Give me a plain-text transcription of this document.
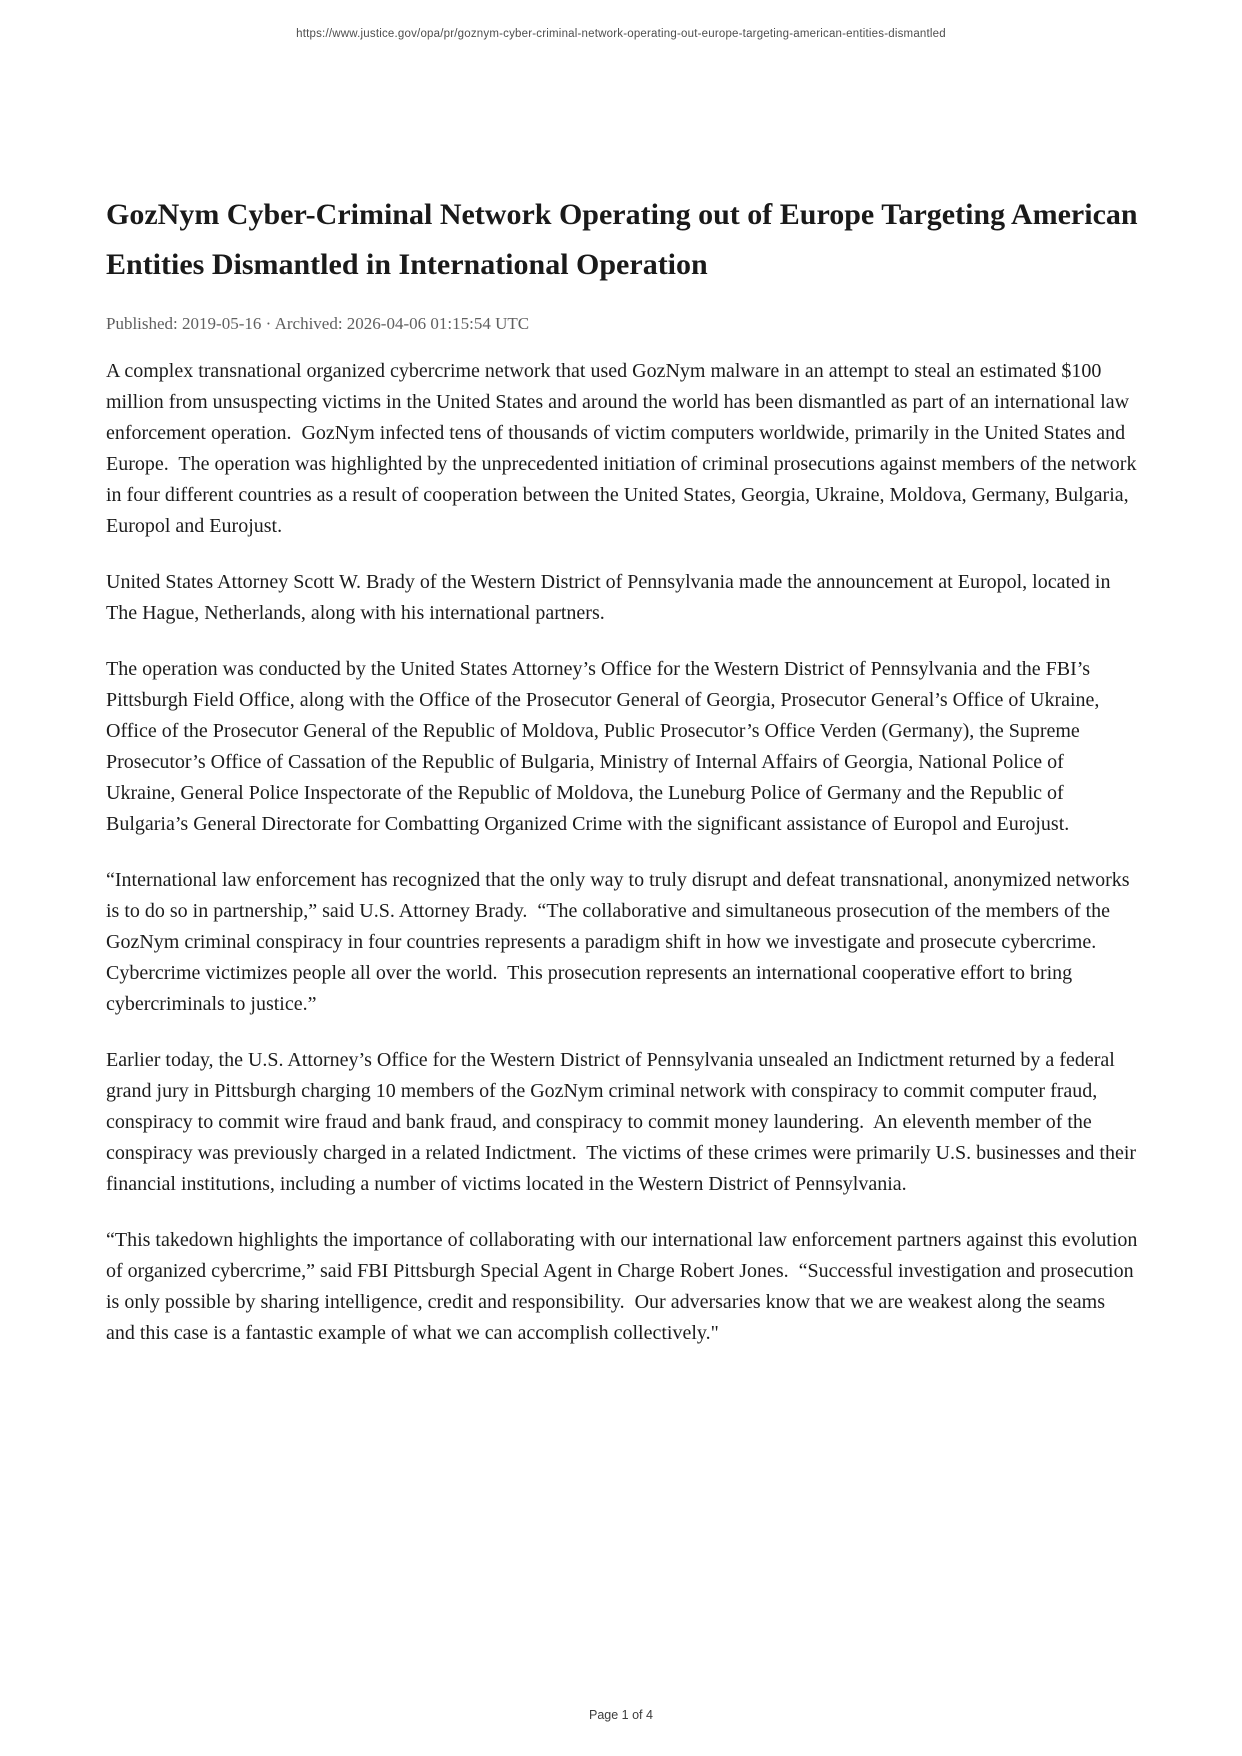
https://www.justice.gov/opa/pr/goznym-cyber-criminal-network-operating-out-europe-targeting-american-entities-dismantled
GozNym Cyber-Criminal Network Operating out of Europe Targeting American Entities Dismantled in International Operation
Published: 2019-05-16 · Archived: 2026-04-06 01:15:54 UTC

A complex transnational organized cybercrime network that used GozNym malware in an attempt to steal an estimated $100 million from unsuspecting victims in the United States and around the world has been dismantled as part of an international law enforcement operation.  GozNym infected tens of thousands of victim computers worldwide, primarily in the United States and Europe.  The operation was highlighted by the unprecedented initiation of criminal prosecutions against members of the network in four different countries as a result of cooperation between the United States, Georgia, Ukraine, Moldova, Germany, Bulgaria, Europol and Eurojust.

United States Attorney Scott W. Brady of the Western District of Pennsylvania made the announcement at Europol, located in The Hague, Netherlands, along with his international partners.

The operation was conducted by the United States Attorney’s Office for the Western District of Pennsylvania and the FBI’s Pittsburgh Field Office, along with the Office of the Prosecutor General of Georgia, Prosecutor General’s Office of Ukraine, Office of the Prosecutor General of the Republic of Moldova, Public Prosecutor’s Office Verden (Germany), the Supreme Prosecutor’s Office of Cassation of the Republic of Bulgaria, Ministry of Internal Affairs of Georgia, National Police of Ukraine, General Police Inspectorate of the Republic of Moldova, the Luneburg Police of Germany and the Republic of Bulgaria’s General Directorate for Combatting Organized Crime with the significant assistance of Europol and Eurojust.

“International law enforcement has recognized that the only way to truly disrupt and defeat transnational, anonymized networks is to do so in partnership,” said U.S. Attorney Brady.  “The collaborative and simultaneous prosecution of the members of the GozNym criminal conspiracy in four countries represents a paradigm shift in how we investigate and prosecute cybercrime.  Cybercrime victimizes people all over the world.  This prosecution represents an international cooperative effort to bring cybercriminals to justice.”

Earlier today, the U.S. Attorney’s Office for the Western District of Pennsylvania unsealed an Indictment returned by a federal grand jury in Pittsburgh charging 10 members of the GozNym criminal network with conspiracy to commit computer fraud, conspiracy to commit wire fraud and bank fraud, and conspiracy to commit money laundering.  An eleventh member of the conspiracy was previously charged in a related Indictment.  The victims of these crimes were primarily U.S. businesses and their financial institutions, including a number of victims located in the Western District of Pennsylvania.

“This takedown highlights the importance of collaborating with our international law enforcement partners against this evolution of organized cybercrime,” said FBI Pittsburgh Special Agent in Charge Robert Jones.  “Successful investigation and prosecution is only possible by sharing intelligence, credit and responsibility.  Our adversaries know that we are weakest along the seams and this case is a fantastic example of what we can accomplish collectively."

Page 1 of 4
